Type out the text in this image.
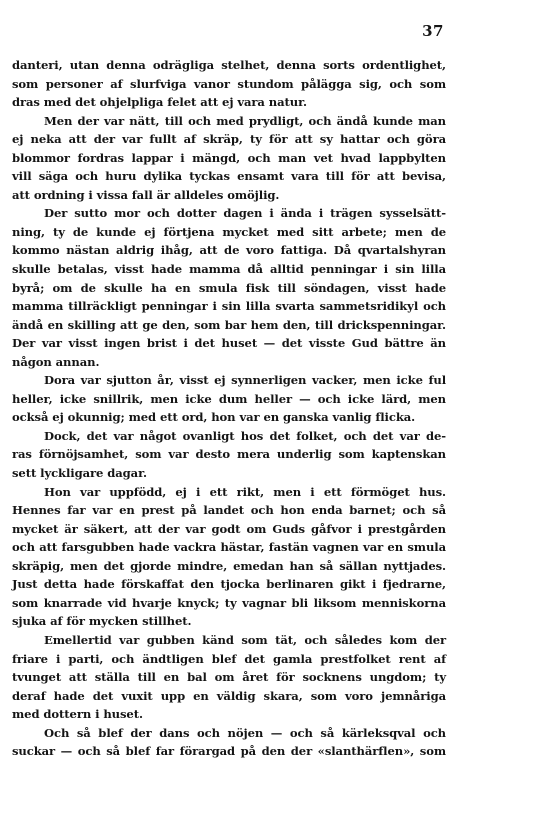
37
danteri, utan denna odrägliga stelhet, denna sorts ordentlighet,
som personer af slurfviga vanor stundom pålägga sig, och som
dras med det ohjelpliga felet att ej vara natur.
Men der var nätt, till och med prydligt, och ändå kunde man
ej neka att der var fullt af skräp, ty för att sy hattar och göra
blommor fordras lappar i mängd, och man vet hvad lappbylten
vill säga och huru dylika tyckas ensamt vara till för att bevisa,
att ordning i vissa fall är alldeles omöjlig.
Der sutto mor och dotter dagen i ända i trägen sysselsätt-
ning, ty de kunde ej förtjena mycket med sitt arbete; men de
kommo nästan aldrig ihåg, att de voro fattiga. Då qvartalshyran
skulle betalas, visst hade mamma då alltid penningar i sin lilla
byrå; om de skulle ha en smula fisk till söndagen, visst hade
mamma tillräckligt penningar i sin lilla svarta sammetsridikyl och
ändå en skilling att ge den, som bar hem den, till drickspenningar.
Der var visst ingen brist i det huset — det visste Gud bättre än
någon annan.
Dora var sjutton år, visst ej synnerligen vacker, men icke ful
heller, icke snillrik, men icke dum heller — och icke lärd, men
också ej okunnig; med ett ord, hon var en ganska vanlig flicka.
Dock, det var något ovanligt hos det folket, och det var de-
ras förnöjsamhet, som var desto mera underlig som kaptenskan
sett lyckligare dagar.
Hon var uppfödd, ej i ett rikt, men i ett förmöget hus.
Hennes far var en prest på landet och hon enda barnet; och så
mycket är säkert, att der var godt om Guds gåfvor i prestgården
och att farsgubben hade vackra hästar, fastän vagnen var en smula
skräpig, men det gjorde mindre, emedan han så sällan nyttjades.
Just detta hade förskaffat den tjocka berlinaren gikt i fjedrarne,
som knarrade vid hvarje knyck; ty vagnar bli liksom menniskorna
sjuka af för mycken stillhet.
Emellertid var gubben känd som tät, och således kom der
friare i parti, och ändtligen blef det gamla prestfolket rent af
tvunget att ställa till en bal om året för socknens ungdom; ty
deraf hade det vuxit upp en väldig skara, som voro jemnåriga
med dottern i huset.
Och så blef der dans och nöjen — och så kärleksqval och
suckar — och så blef far förargad på den der «slanthärflen», som
